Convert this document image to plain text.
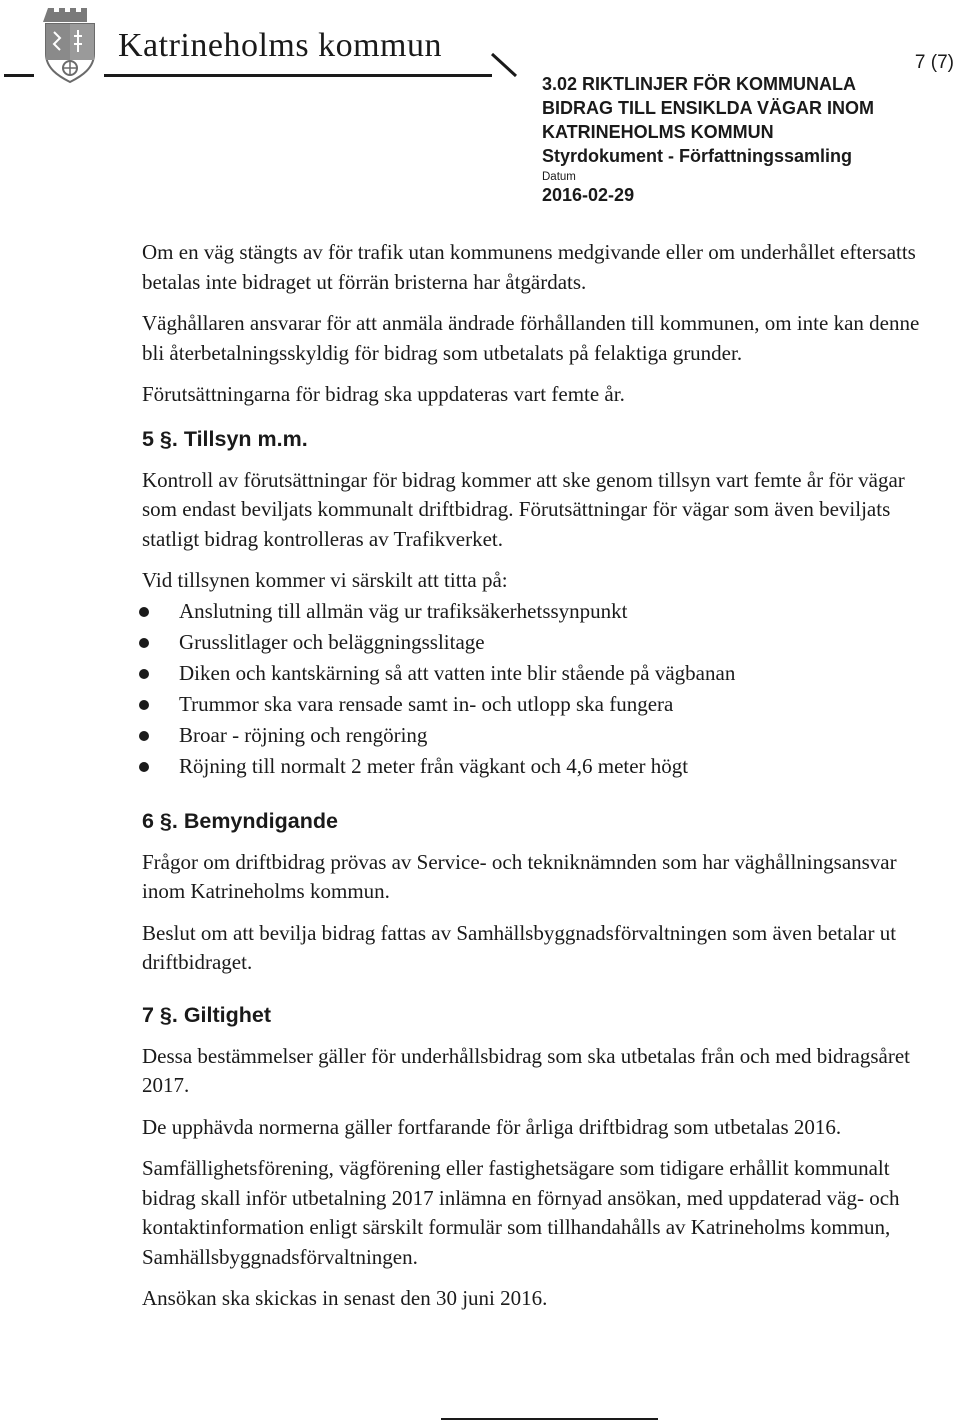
Katrineholms kommun	7 (7)
3.02 RIKTLINJER FÖR KOMMUNALA
BIDRAG TILL ENSIKLDA VÄGAR INOM
KATRINEHOLMS KOMMUN
Styrdokument - Författningssamling
Datum
2016-02-29

Om en väg stängts av för trafik utan kommunens medgivande eller om underhållet eftersatts betalas inte bidraget ut förrän bristerna har åtgärdats.

Väghållaren ansvarar för att anmäla ändrade förhållanden till kommunen, om inte kan denne bli återbetalningsskyldig för bidrag som utbetalats på felaktiga grunder.

Förutsättningarna för bidrag ska uppdateras vart femte år.

5 §. Tillsyn m.m.

Kontroll av förutsättningar för bidrag kommer att ske genom tillsyn vart femte år för vägar som endast beviljats kommunalt driftbidrag. Förutsättningar för vägar som även beviljats statligt bidrag kontrolleras av Trafikverket.

Vid tillsynen kommer vi särskilt att titta på:

Anslutning till allmän väg ur trafiksäkerhetssynpunkt
Grusslitlager och beläggningsslitage
Diken och kantskärning så att vatten inte blir stående på vägbanan
Trummor ska vara rensade samt in- och utlopp ska fungera
Broar - röjning och rengöring
Röjning till normalt 2 meter från vägkant och 4,6 meter högt
6 §. Bemyndigande

Frågor om driftbidrag prövas av Service- och tekniknämnden som har väghållningsansvar inom Katrineholms kommun.

Beslut om att bevilja bidrag fattas av Samhällsbyggnadsförvaltningen som även betalar ut driftbidraget.

7 §. Giltighet

Dessa bestämmelser gäller för underhållsbidrag som ska utbetalas från och med bidragsåret 2017.

De upphävda normerna gäller fortfarande för årliga driftbidrag som utbetalas 2016.

Samfällighetsförening, vägförening eller fastighetsägare som tidigare erhållit kommunalt bidrag skall inför utbetalning 2017 inlämna en förnyad ansökan, med uppdaterad väg- och kontaktinformation enligt särskilt formulär som tillhandahålls av Katrineholms kommun, Samhällsbyggnadsförvaltningen.

Ansökan ska skickas in senast den 30 juni 2016.
